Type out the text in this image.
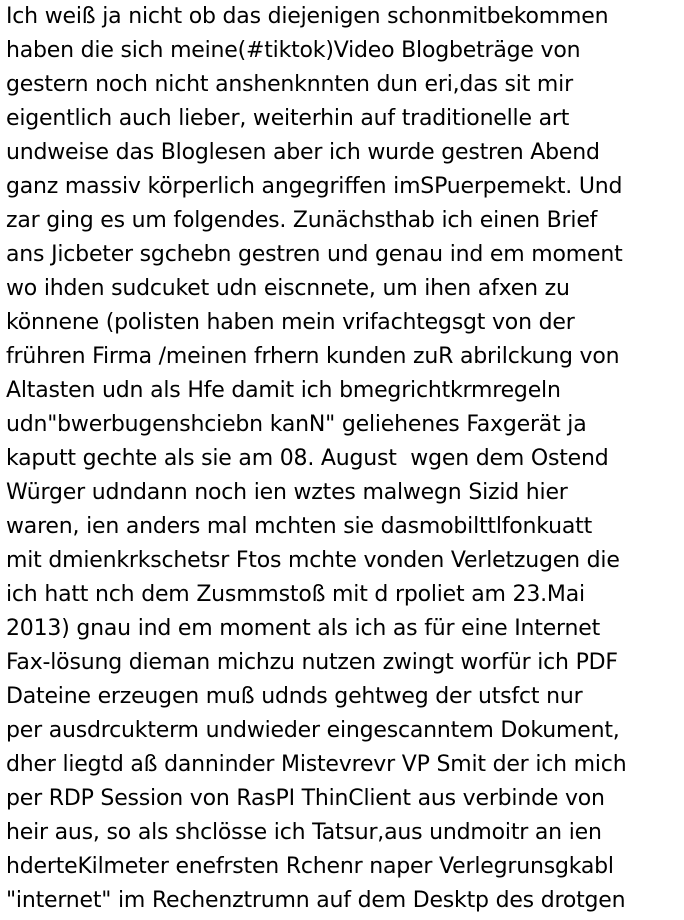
Ich weiß ja nicht ob das diejenigen schonmitbekommen
haben die sich meine(#tiktok)Video Blogbeträge von
gestern noch nicht anshenknnten dun eri,das sit mir
eigentlich auch lieber, weiterhin auf traditionelle art
undweise das Bloglesen aber ich wurde gestren Abend
ganz massiv körperlich angegriffen imSPuerpemekt. Und
zar ging es um folgendes. Zunächsthab ich einen Brief
ans Jicbeter sgchebn gestren und genau ind em moment
wo ihden sudcuket udn eiscnnete, um ihen afxen zu
könnene (polisten haben mein vrifachtegsgt von der
frühren Firma /meinen frhern kunden zuR abrilckung von
Altasten udn als Hfe damit ich bmegrichtkrmregeln
udn"bwerbugenshciebn kanN" geliehenes Faxgerät ja
kaputt gechte als sie am 08. August  wgen dem Ostend
Würger udndann noch ien wztes malwegn Sizid hier
waren, ien anders mal mchten sie dasmobilttlfonkuatt
mit dmienkrkschetsr Ftos mchte vonden Verletzugen die
ich hatt nch dem Zusmmstoß mit d rpoliet am 23.Mai
2013) gnau ind em moment als ich as für eine Internet
Fax-lösung dieman michzu nutzen zwingt worfür ich PDF
Dateine erzeugen muß udnds gehtweg der utsfct nur
per ausdrcukterm undwieder eingescanntem Dokument,
dher liegtd aß danninder Mistevrevr VP Smit der ich mich
per RDP Session von RasPI ThinClient aus verbinde von
heir aus, so als shclösse ich Tatsur,aus undmoitr an ien
hderteKilmeter enefrsten Rchenr naper Verlegrunsgkabl
"internet" im Rechenztrumn auf dem Desktp des drotgen
